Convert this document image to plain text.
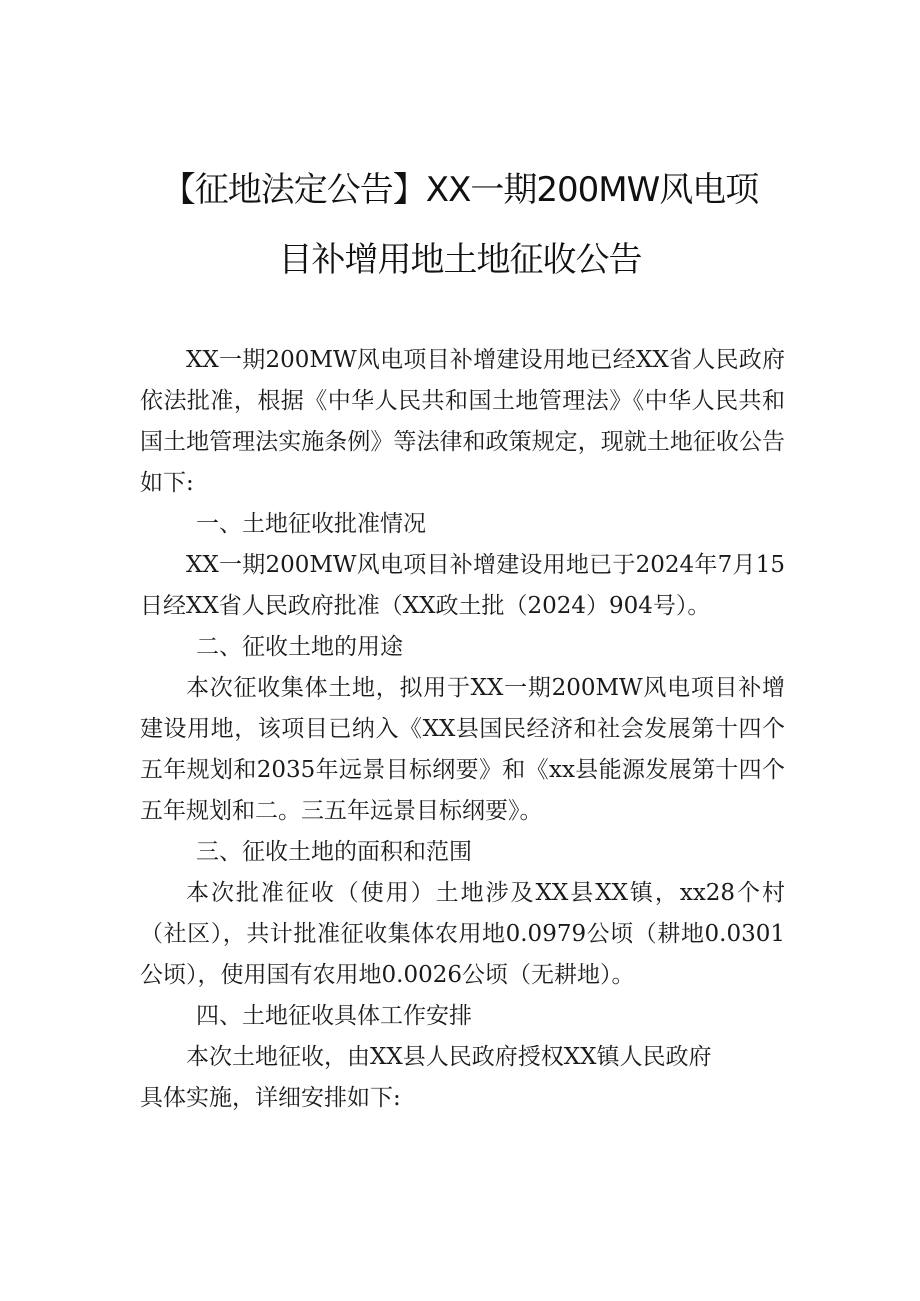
【征地法定公告】XX一期200MW风电项
目补增用地土地征收公告

XX一期200MW风电项目补增建设用地已经XX省人民政府依法批准，根据《中华人民共和国土地管理法》《中华人民共和国土地管理法实施条例》等法律和政策规定，现就土地征收公告如下:

一、土地征收批准情况

XX一期200MW风电项目补增建设用地已于2024年7月15日经XX省人民政府批准（XX政土批（2024）904号）。

二、征收土地的用途

本次征收集体土地，拟用于XX一期200MW风电项目补增建设用地，该项目已纳入《XX县国民经济和社会发展第十四个五年规划和2035年远景目标纲要》和《xx县能源发展第十四个五年规划和二。三五年远景目标纲要》。

三、征收土地的面积和范围

本次批准征收（使用）土地涉及XX县XX镇，xx28个村（社区），共计批准征收集体农用地0.0979公顷（耕地0.0301公顷），使用国有农用地0.0026公顷（无耕地）。

四、土地征收具体工作安排

本次土地征收，由XX县人民政府授权XX镇人民政府

具体实施，详细安排如下:
